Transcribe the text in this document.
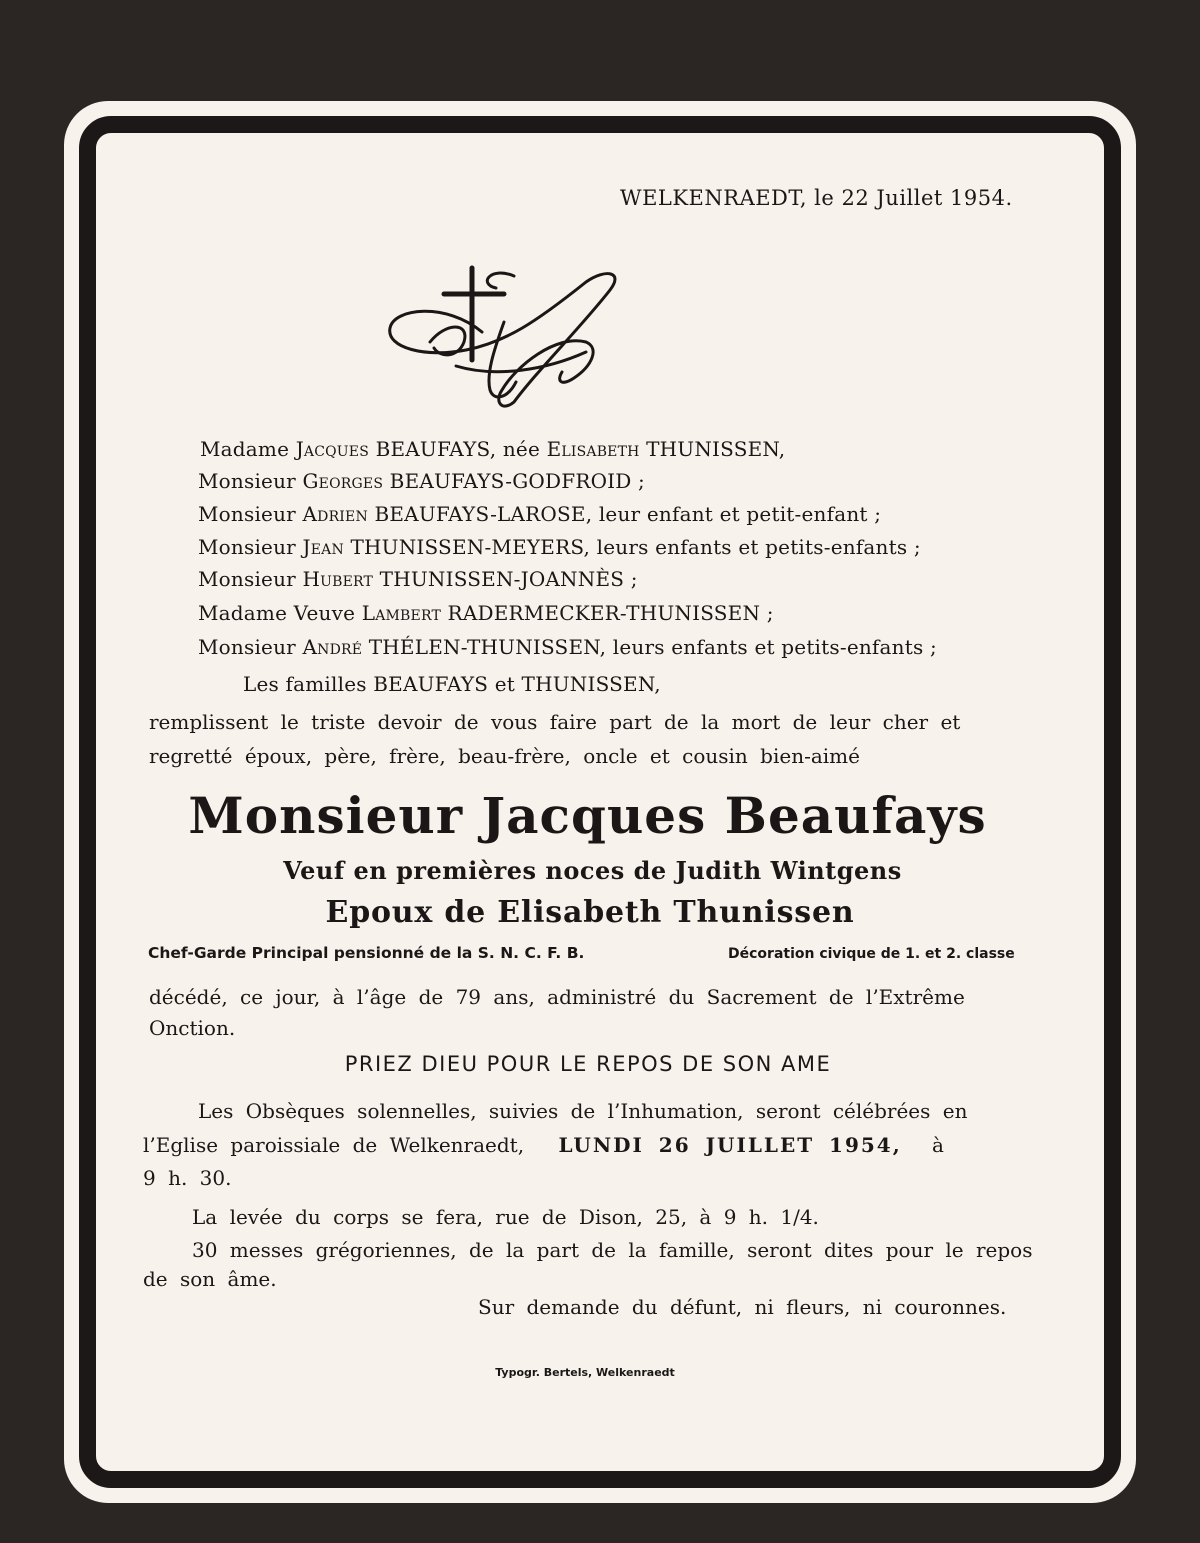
WELKENRAEDT, le 22 Juillet 1954.
Madame Jacques BEAUFAYS, née Elisabeth THUNISSEN,
Monsieur Georges BEAUFAYS-GODFROID ;
Monsieur Adrien BEAUFAYS-LAROSE, leur enfant et petit-enfant ;
Monsieur Jean THUNISSEN-MEYERS, leurs enfants et petits-enfants ;
Monsieur Hubert THUNISSEN-JOANNÈS ;
Madame Veuve Lambert RADERMECKER-THUNISSEN ;
Monsieur André THÉLEN-THUNISSEN, leurs enfants et petits-enfants ;
Les familles BEAUFAYS et THUNISSEN,
remplissent le triste devoir de vous faire part de la mort de leur cher et
regretté époux, père, frère, beau-frère, oncle et cousin bien-aimé
Monsieur Jacques Beaufays
Veuf en premières noces de Judith Wintgens
Epoux de Elisabeth Thunissen
Chef-Garde Principal pensionné de la S. N. C. F. B.	Décoration civique de 1. et 2. classe
décédé, ce jour, à l’âge de 79 ans, administré du Sacrement de l’Extrême
Onction.
PRIEZ DIEU POUR LE REPOS DE SON AME
Les Obsèques solennelles, suivies de l’Inhumation, seront célébrées en
l’Eglise paroissiale de Welkenraedt, LUNDI 26 JUILLET 1954, à
9 h. 30.
La levée du corps se fera, rue de Dison, 25, à 9 h. 1/4.
30 messes grégoriennes, de la part de la famille, seront dites pour le repos
de son âme.
Sur demande du défunt, ni fleurs, ni couronnes.
Typogr. Bertels, Welkenraedt
